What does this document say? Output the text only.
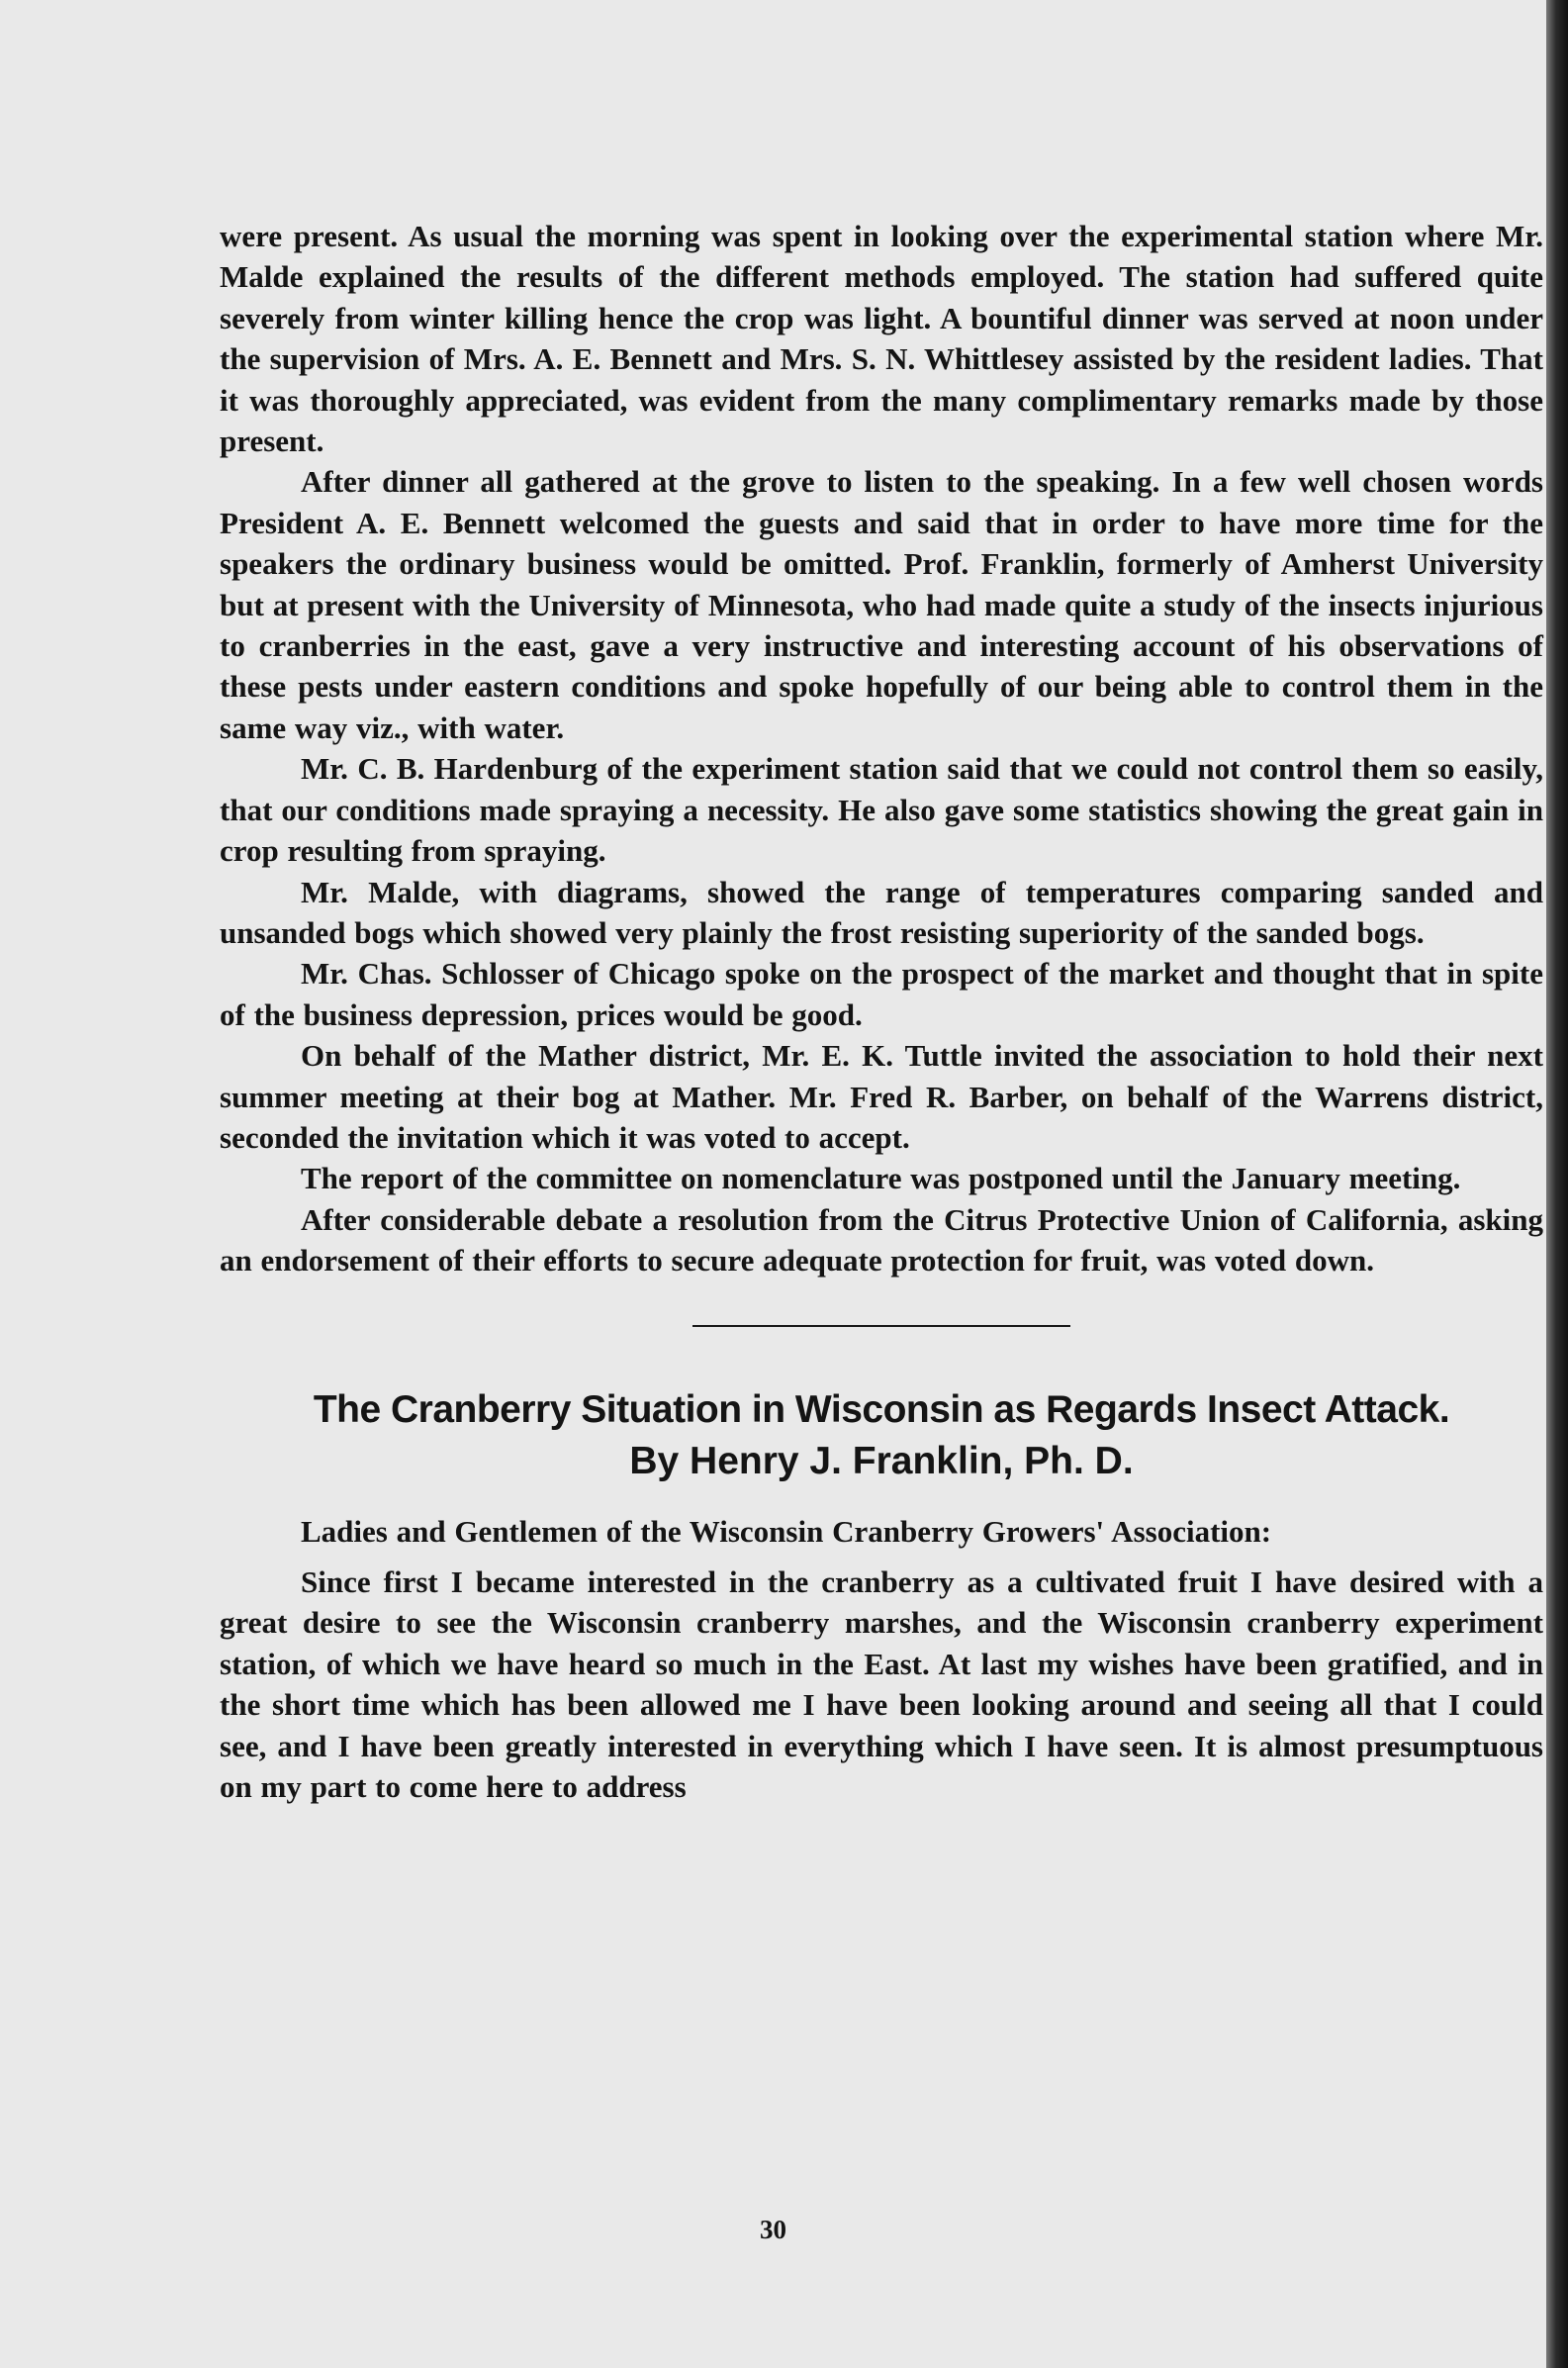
were present. As usual the morning was spent in looking over the experimental station where Mr. Malde explained the results of the different methods employed. The station had suffered quite severely from winter killing hence the crop was light. A bountiful dinner was served at noon under the supervision of Mrs. A. E. Bennett and Mrs. S. N. Whittlesey assisted by the resident ladies. That it was thoroughly appreciated, was evident from the many complimentary remarks made by those present.

After dinner all gathered at the grove to listen to the speaking. In a few well chosen words President A. E. Bennett welcomed the guests and said that in order to have more time for the speakers the ordinary business would be omitted. Prof. Franklin, formerly of Amherst University but at present with the University of Minnesota, who had made quite a study of the insects injurious to cranberries in the east, gave a very instructive and interesting account of his observations of these pests under eastern conditions and spoke hopefully of our being able to control them in the same way viz., with water.

Mr. C. B. Hardenburg of the experiment station said that we could not control them so easily, that our conditions made spraying a necessity. He also gave some statistics showing the great gain in crop resulting from spraying.

Mr. Malde, with diagrams, showed the range of temperatures comparing sanded and unsanded bogs which showed very plainly the frost resisting superiority of the sanded bogs.

Mr. Chas. Schlosser of Chicago spoke on the prospect of the market and thought that in spite of the business depression, prices would be good.

On behalf of the Mather district, Mr. E. K. Tuttle invited the association to hold their next summer meeting at their bog at Mather. Mr. Fred R. Barber, on behalf of the Warrens district, seconded the invitation which it was voted to accept.

The report of the committee on nomenclature was postponed until the January meeting.

After considerable debate a resolution from the Citrus Protective Union of California, asking an endorsement of their efforts to secure adequate protection for fruit, was voted down.

The Cranberry Situation in Wisconsin as Regards Insect Attack.
By Henry J. Franklin, Ph. D.

Ladies and Gentlemen of the Wisconsin Cranberry Growers' Association:

Since first I became interested in the cranberry as a cultivated fruit I have desired with a great desire to see the Wisconsin cranberry marshes, and the Wisconsin cranberry experiment station, of which we have heard so much in the East. At last my wishes have been gratified, and in the short time which has been allowed me I have been looking around and seeing all that I could see, and I have been greatly interested in everything which I have seen. It is almost presumptuous on my part to come here to address

30
